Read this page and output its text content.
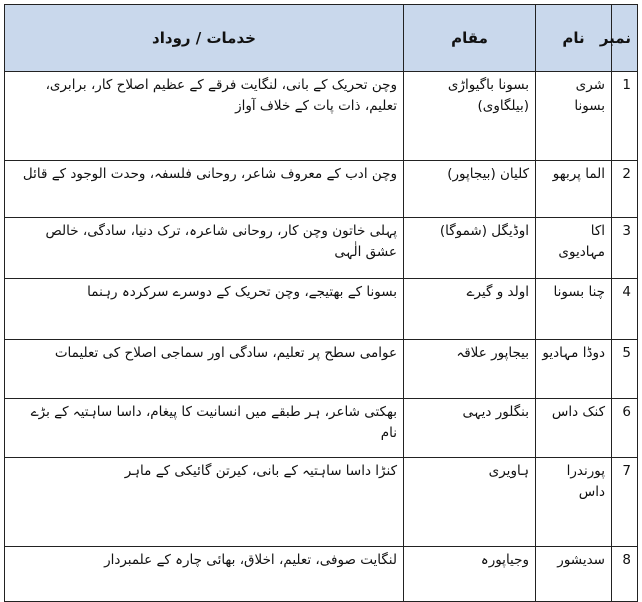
نمبر	نام	مقام	خدمات / روداد
1	شری بسونا	بسونا باگیواڑی (بیلگاوی)	وچن تحریک کے بانی، لنگایت فرقے کے عظیم اصلاح کار، برابری، تعلیم، ذات پات کے خلاف آواز
2	الما پربھو	کلیان (بیجاپور)	وچن ادب کے معروف شاعر، روحانی فلسفہ، وحدت الوجود کے قائل
3	اکا مہادیوی	اوڈیگل (شموگا)	پہلی خاتون وچن کار، روحانی شاعرہ، ترک دنیا، سادگی، خالص عشق الٰہی
4	چنا بسونا	اولد و گیرے	بسونا کے بھتیجے، وچن تحریک کے دوسرے سرکردہ رہنما
5	دوڈا مہادیو	بیجاپور علاقہ	عوامی سطح پر تعلیم، سادگی اور سماجی اصلاح کی تعلیمات
6	کنک داس	بنگلور دیہی	بھکتی شاعر، ہر طبقے میں انسانیت کا پیغام، داسا ساہتیہ کے بڑے نام
7	پورندرا داس	ہاویری	کنڑا داسا ساہتیہ کے بانی، کیرتن گائیکی کے ماہر
8	سدیشور	وجیاپورہ	لنگایت صوفی، تعلیم، اخلاق، بھائی چارہ کے علمبردار
